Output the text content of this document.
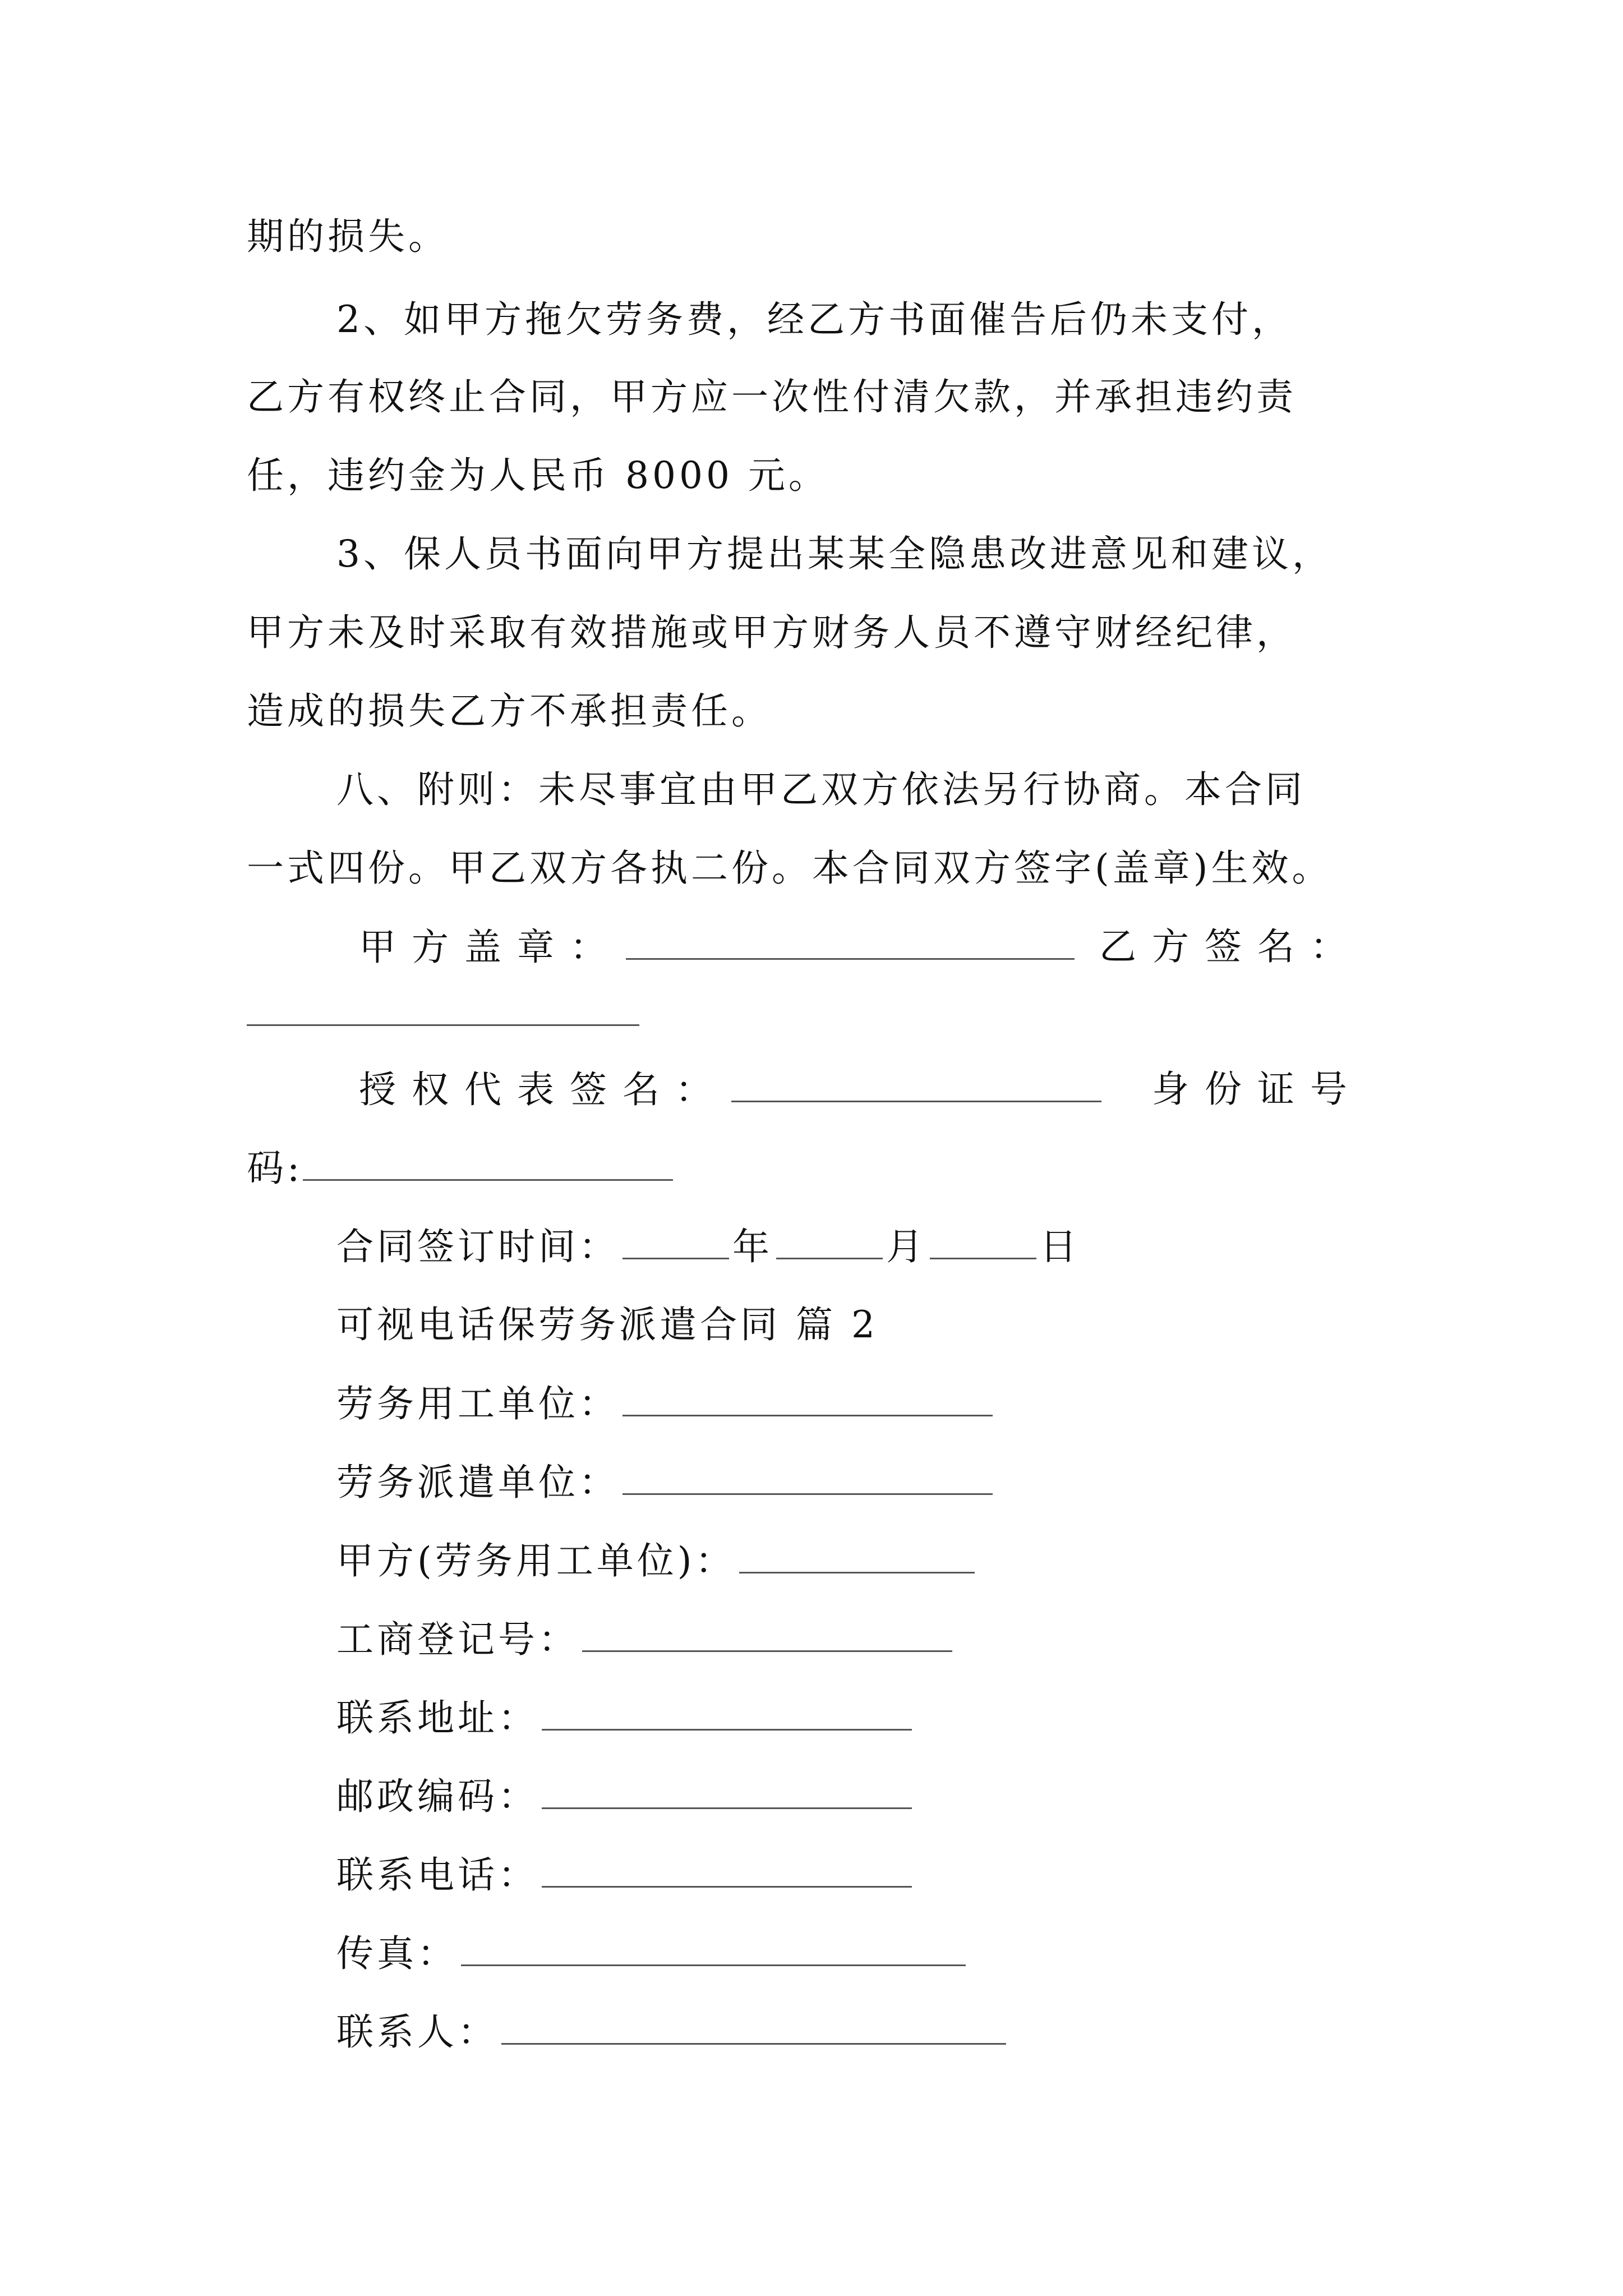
期的损失。
2、如甲方拖欠劳务费，经乙方书面催告后仍未支付，
乙方有权终止合同，甲方应一次性付清欠款，并承担违约责
任，违约金为人民币 8000 元。
3、保人员书面向甲方提出某某全隐患改进意见和建议，
甲方未及时采取有效措施或甲方财务人员不遵守财经纪律，
造成的损失乙方不承担责任。
八、附则：未尽事宜由甲乙双方依法另行协商。本合同
一式四份。甲乙双方各执二份。本合同双方签字(盖章)生效。
甲方盖章：	乙方签名：
授权代表签名：	身份证号
码:
合同签订时间：	年	月	日
可视电话保劳务派遣合同 篇 2
劳务用工单位：
劳务派遣单位：
甲方(劳务用工单位)：
工商登记号：
联系地址：
邮政编码：
联系电话：
传真：
联系人：
